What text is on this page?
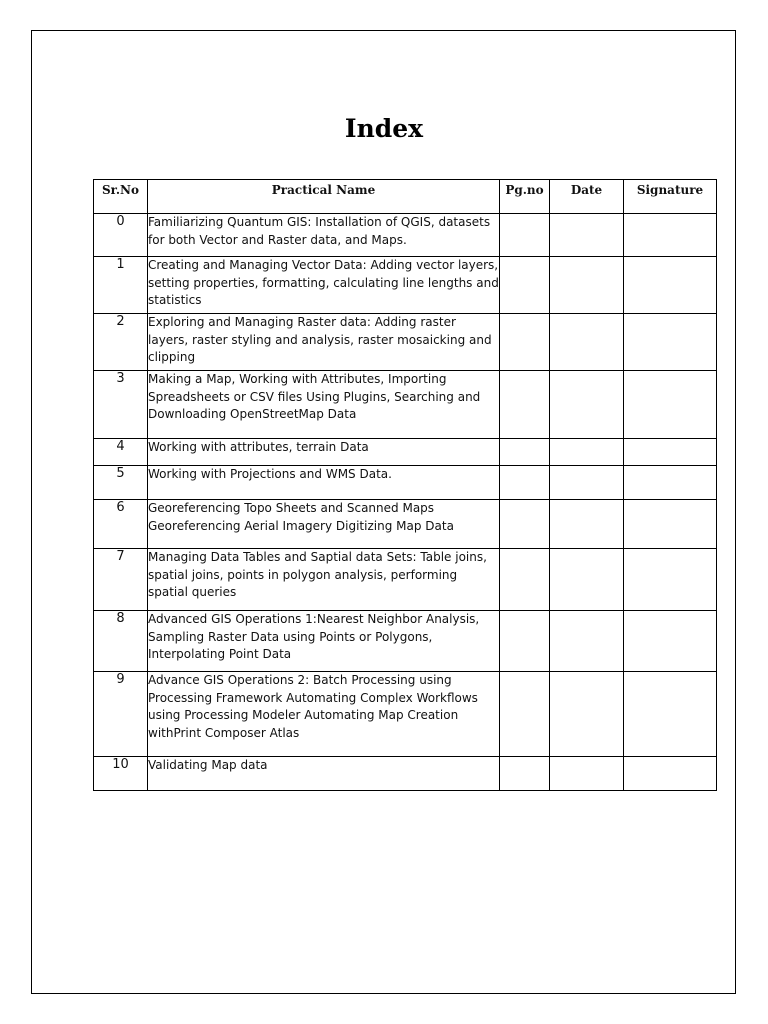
Index
Sr.No	Practical Name	Pg.no	Date	Signature
0	Familiarizing Quantum GIS: Installation of QGIS, datasets for both Vector and Raster data, and Maps.			
1	Creating and Managing Vector Data: Adding vector layers, setting properties, formatting, calculating line lengths and statistics			
2	Exploring and Managing Raster data: Adding raster layers, raster styling and analysis, raster mosaicking and clipping			
3	Making a Map, Working with Attributes, Importing Spreadsheets or CSV files Using Plugins, Searching and Downloading OpenStreetMap Data			
4	Working with attributes, terrain Data			
5	Working with Projections and WMS Data.			
6	Georeferencing Topo Sheets and Scanned Maps Georeferencing Aerial Imagery Digitizing Map Data			
7	Managing Data Tables and Saptial data Sets: Table joins, spatial joins, points in polygon analysis, performing spatial queries			
8	Advanced GIS Operations 1:Nearest Neighbor Analysis, Sampling Raster Data using Points or Polygons, Interpolating Point Data			
9	Advance GIS Operations 2: Batch Processing using Processing Framework Automating Complex Workflows using Processing Modeler Automating Map Creation withPrint Composer Atlas			
10	Validating Map data			
